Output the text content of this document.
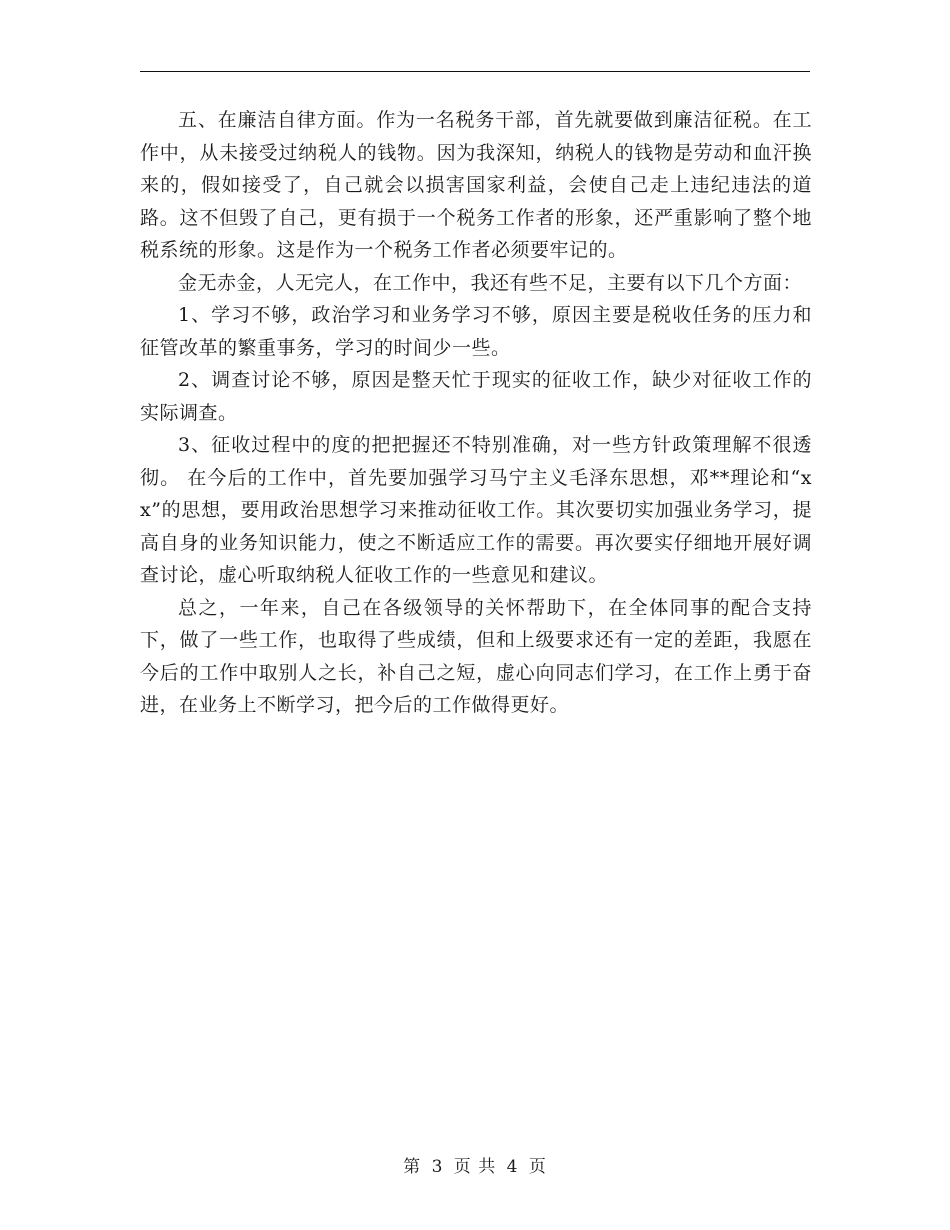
五、在廉洁自律方面。作为一名税务干部，首先就要做到廉洁征税。在工作中，从未接受过纳税人的钱物。因为我深知，纳税人的钱物是劳动和血汗换来的，假如接受了，自己就会以损害国家利益，会使自己走上违纪违法的道路。这不但毁了自己，更有损于一个税务工作者的形象，还严重影响了整个地税系统的形象。这是作为一个税务工作者必须要牢记的。

金无赤金，人无完人，在工作中，我还有些不足，主要有以下几个方面：

1、学习不够，政治学习和业务学习不够，原因主要是税收任务的压力和征管改革的繁重事务，学习的时间少一些。

2、调查讨论不够，原因是整天忙于现实的征收工作，缺少对征收工作的实际调查。

3、征收过程中的度的把把握还不特别准确，对一些方针政策理解不很透彻。 在今后的工作中，首先要加强学习马宁主义毛泽东思想，邓**理论和“xx”的思想，要用政治思想学习来推动征收工作。其次要切实加强业务学习，提高自身的业务知识能力，使之不断适应工作的需要。再次要实仔细地开展好调查讨论，虚心听取纳税人征收工作的一些意见和建议。

总之，一年来，自己在各级领导的关怀帮助下，在全体同事的配合支持下，做了一些工作，也取得了些成绩，但和上级要求还有一定的差距，我愿在今后的工作中取别人之长，补自己之短，虚心向同志们学习，在工作上勇于奋进，在业务上不断学习，把今后的工作做得更好。

第 3 页 共 4 页
